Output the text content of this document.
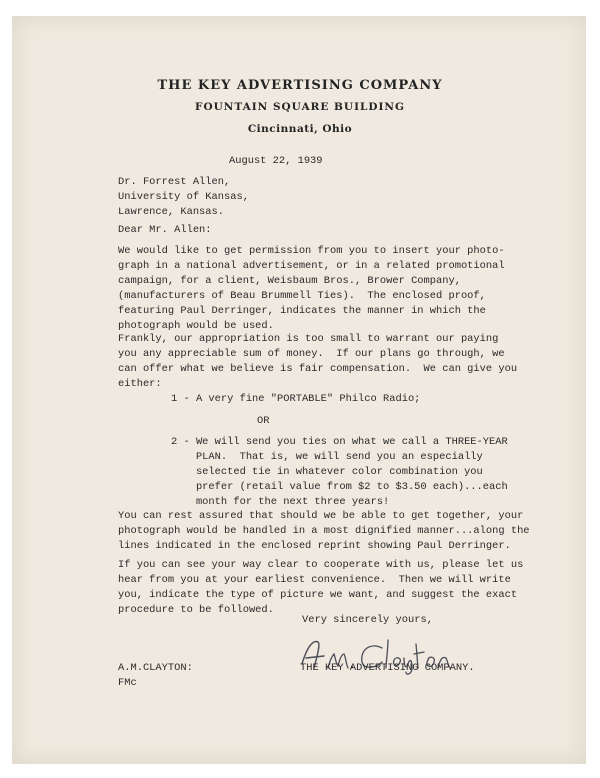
THE KEY ADVERTISING COMPANY
FOUNTAIN SQUARE BUILDING
Cincinnati, Ohio
August 22, 1939
Dr. Forrest Allen,
University of Kansas,
Lawrence, Kansas.
Dear Mr. Allen:
We would like to get permission from you to insert your photo-
graph in a national advertisement, or in a related promotional
campaign, for a client, Weisbaum Bros., Brower Company,
(manufacturers of Beau Brummell Ties).  The enclosed proof,
featuring Paul Derringer, indicates the manner in which the
photograph would be used.
Frankly, our appropriation is too small to warrant our paying
you any appreciable sum of money.  If our plans go through, we
can offer what we believe is fair compensation.  We can give you
either:
1 - A very fine "PORTABLE" Philco Radio;
OR
2 - We will send you ties on what we call a THREE-YEAR
PLAN.  That is, we will send you an especially
selected tie in whatever color combination you
prefer (retail value from $2 to $3.50 each)...each
month for the next three years!
You can rest assured that should we be able to get together, your
photograph would be handled in a most dignified manner...along the
lines indicated in the enclosed reprint showing Paul Derringer.
If you can see your way clear to cooperate with us, please let us
hear from you at your earliest convenience.  Then we will write
you, indicate the type of picture we want, and suggest the exact
procedure to be followed.
Very sincerely yours,
THE KEY ADVERTISING COMPANY.
A.M.CLAYTON:
FMc
